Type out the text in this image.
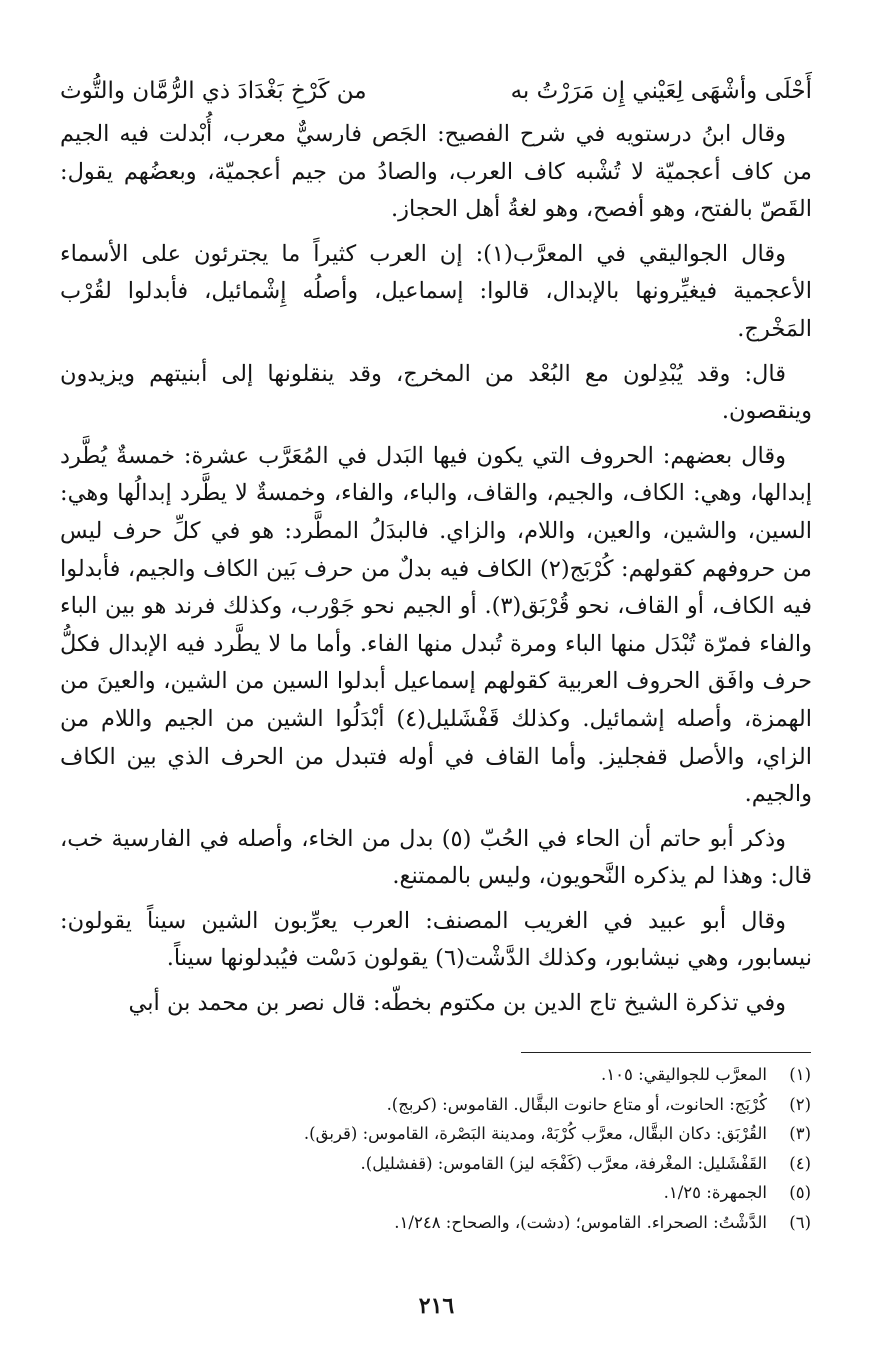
أَحْلَى وأشْهَى لِعَيْني إِن مَرَرْتُ به
من كَرْخِ بَغْدَادَ ذي الرُّمَّان والتُّوث

وقال ابنُ درستويه في شرح الفصيح: الجَص فارسيٌّ معرب، أُبْدلت فيه الجيم من كاف أعجميّة لا تُشْبه كاف العرب، والصادُ من جيم أعجميّة، وبعضُهم يقول: القَصّ بالفتح، وهو أفصح، وهو لغةُ أهل الحجاز.

وقال الجواليقي في المعرَّب(١): إن العرب كثيراً ما يجترئون على الأسماء الأعجمية فيغيِّرونها بالإبدال، قالوا: إسماعيل، وأصلُه إِشْمائيل، فأبدلوا لقُرْب المَخْرج.

قال: وقد يُبْدِلون مع البُعْد من المخرج، وقد ينقلونها إلى أبنيتهم ويزيدون وينقصون.

وقال بعضهم: الحروف التي يكون فيها البَدل في المُعَرَّب عشرة: خمسةٌ يُطَّرد إبدالها، وهي: الكاف، والجيم، والقاف، والباء، والفاء، وخمسةٌ لا يطَّرد إبدالُها وهي: السين، والشين، والعين، واللام، والزاي. فالبدَلُ المطَّرد: هو في كلِّ حرف ليس من حروفهم كقولهم: كُرْبَج(٢) الكاف فيه بدلٌ من حرف بَين الكاف والجيم، فأبدلوا فيه الكاف، أو القاف، نحو قُرْبَق(٣). أو الجيم نحو جَوْرب، وكذلك فرند هو بين الباء والفاء فمرّة تُبْدَل منها الباء ومرة تُبدل منها الفاء. وأما ما لا يطَّرد فيه الإبدال فكلُّ حرف وافَق الحروف العربية كقولهم إسماعيل أبدلوا السين من الشين، والعينَ من الهمزة، وأصله إشمائيل. وكذلك قَفْشَليل(٤) أبْدَلُوا الشين من الجيم واللام من الزاي، والأصل قفجليز. وأما القاف في أوله فتبدل من الحرف الذي بين الكاف والجيم.

وذكر أبو حاتم أن الحاء في الحُبّ (٥) بدل من الخاء، وأصله في الفارسية خب، قال: وهذا لم يذكره النَّحويون، وليس بالممتنع.

وقال أبو عبيد في الغريب المصنف: العرب يعرِّبون الشين سيناً يقولون: نيسابور، وهي نيشابور، وكذلك الدَّشْت(٦) يقولون دَسْت فيُبدلونها سيناً.

وفي تذكرة الشيخ تاج الدين بن مكتوم بخطّه: قال نصر بن محمد بن أبي

(١)
المعرَّب للجواليقي: ١٠٥.
(٢)
كُرْبَج: الحانوت، أو متاع حانوت البقَّال. القاموس: (كربج).
(٣)
القُرْبَق: دكان البقَّال، معرَّب كُرْبَهْ، ومدينة البَصْرة، القاموس: (قربق).
(٤)
القَفْشَليل: المغْرفة، معرَّب (كَفْجَه ليز) القاموس: (قفشليل).
(٥)
الجمهرة: ١/٢٥.
(٦)
الدَّشْتُ: الصحراء. القاموس؛ (دشت)، والصحاح: ١/٢٤٨.
٢١٦
